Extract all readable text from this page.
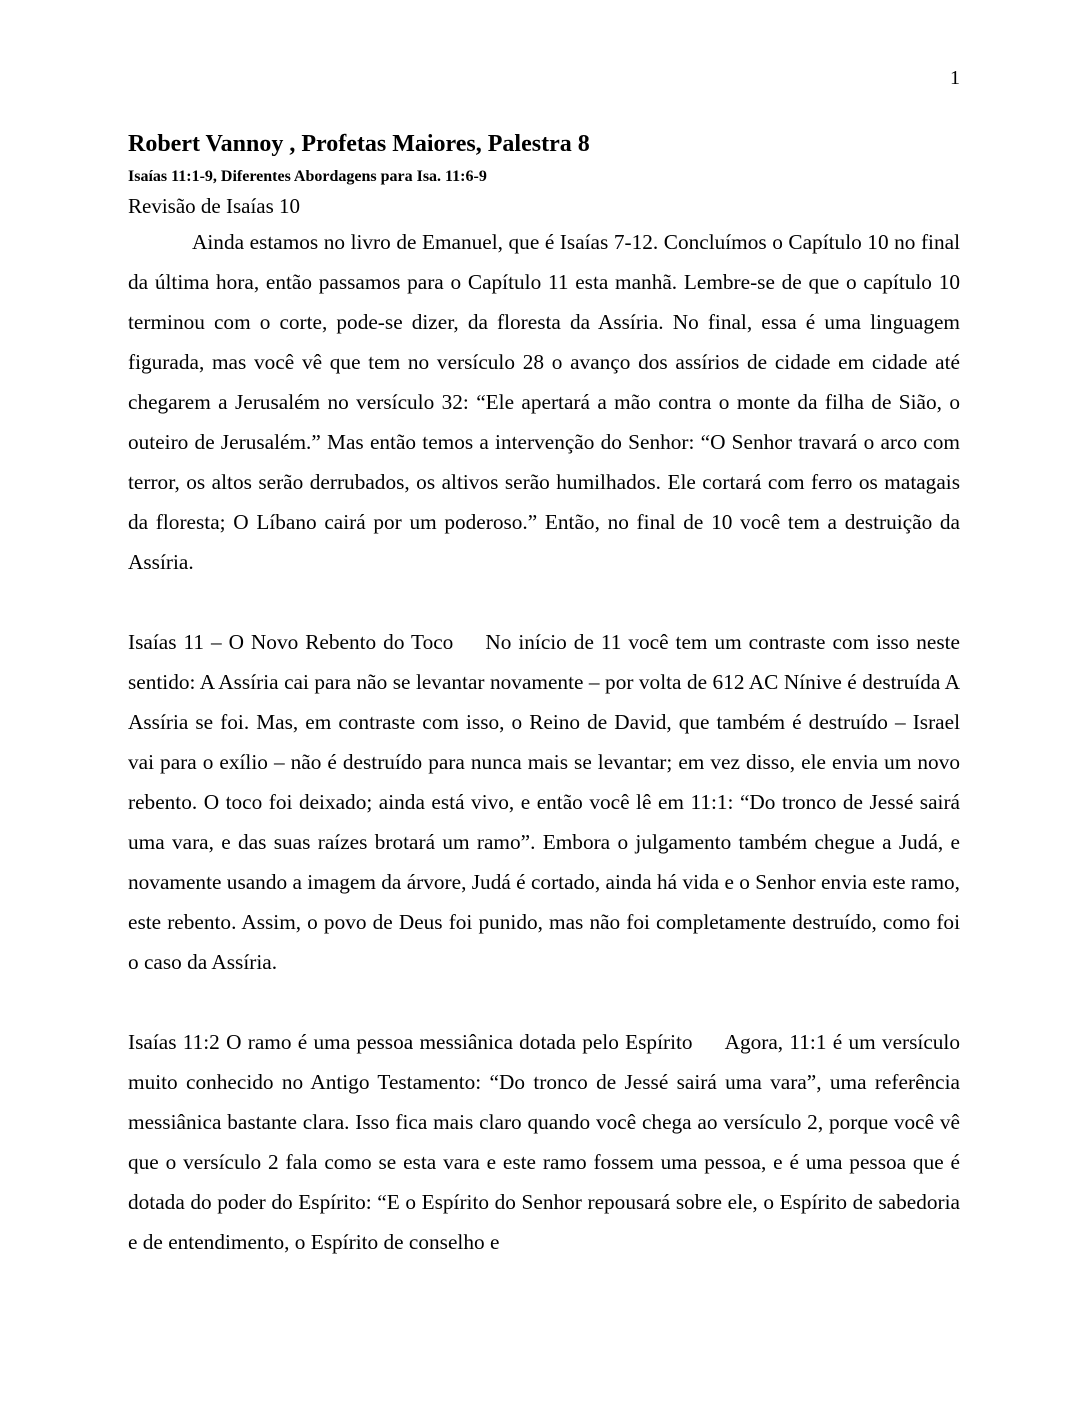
1
Robert Vannoy , Profetas Maiores, Palestra 8
Isaías 11:1-9, Diferentes Abordagens para Isa. 11:6-9
Revisão de Isaías 10

Ainda estamos no livro de Emanuel, que é Isaías 7-12. Concluímos o Capítulo 10 no final da última hora, então passamos para o Capítulo 11 esta manhã. Lembre-se de que o capítulo 10 terminou com o corte, pode-se dizer, da floresta da Assíria. No final, essa é uma linguagem figurada, mas você vê que tem no versículo 28 o avanço dos assírios de cidade em cidade até chegarem a Jerusalém no versículo 32: “Ele apertará a mão contra o monte da filha de Sião, o outeiro de Jerusalém.” Mas então temos a intervenção do Senhor: “O Senhor travará o arco com terror, os altos serão derrubados, os altivos serão humilhados. Ele cortará com ferro os matagais da floresta; O Líbano cairá por um poderoso.” Então, no final de 10 você tem a destruição da Assíria.

Isaías 11 – O Novo Rebento do Toco No início de 11 você tem um contraste com isso neste sentido: A Assíria cai para não se levantar novamente – por volta de 612 AC Nínive é destruída A Assíria se foi. Mas, em contraste com isso, o Reino de David, que também é destruído – Israel vai para o exílio – não é destruído para nunca mais se levantar; em vez disso, ele envia um novo rebento. O toco foi deixado; ainda está vivo, e então você lê em 11:1: “Do tronco de Jessé sairá uma vara, e das suas raízes brotará um ramo”. Embora o julgamento também chegue a Judá, e novamente usando a imagem da árvore, Judá é cortado, ainda há vida e o Senhor envia este ramo, este rebento. Assim, o povo de Deus foi punido, mas não foi completamente destruído, como foi o caso da Assíria.

Isaías 11:2 O ramo é uma pessoa messiânica dotada pelo Espírito Agora, 11:1 é um versículo muito conhecido no Antigo Testamento: “Do tronco de Jessé sairá uma vara”, uma referência messiânica bastante clara. Isso fica mais claro quando você chega ao versículo 2, porque você vê que o versículo 2 fala como se esta vara e este ramo fossem uma pessoa, e é uma pessoa que é dotada do poder do Espírito: “E o Espírito do Senhor repousará sobre ele, o Espírito de sabedoria e de entendimento, o Espírito de conselho e
